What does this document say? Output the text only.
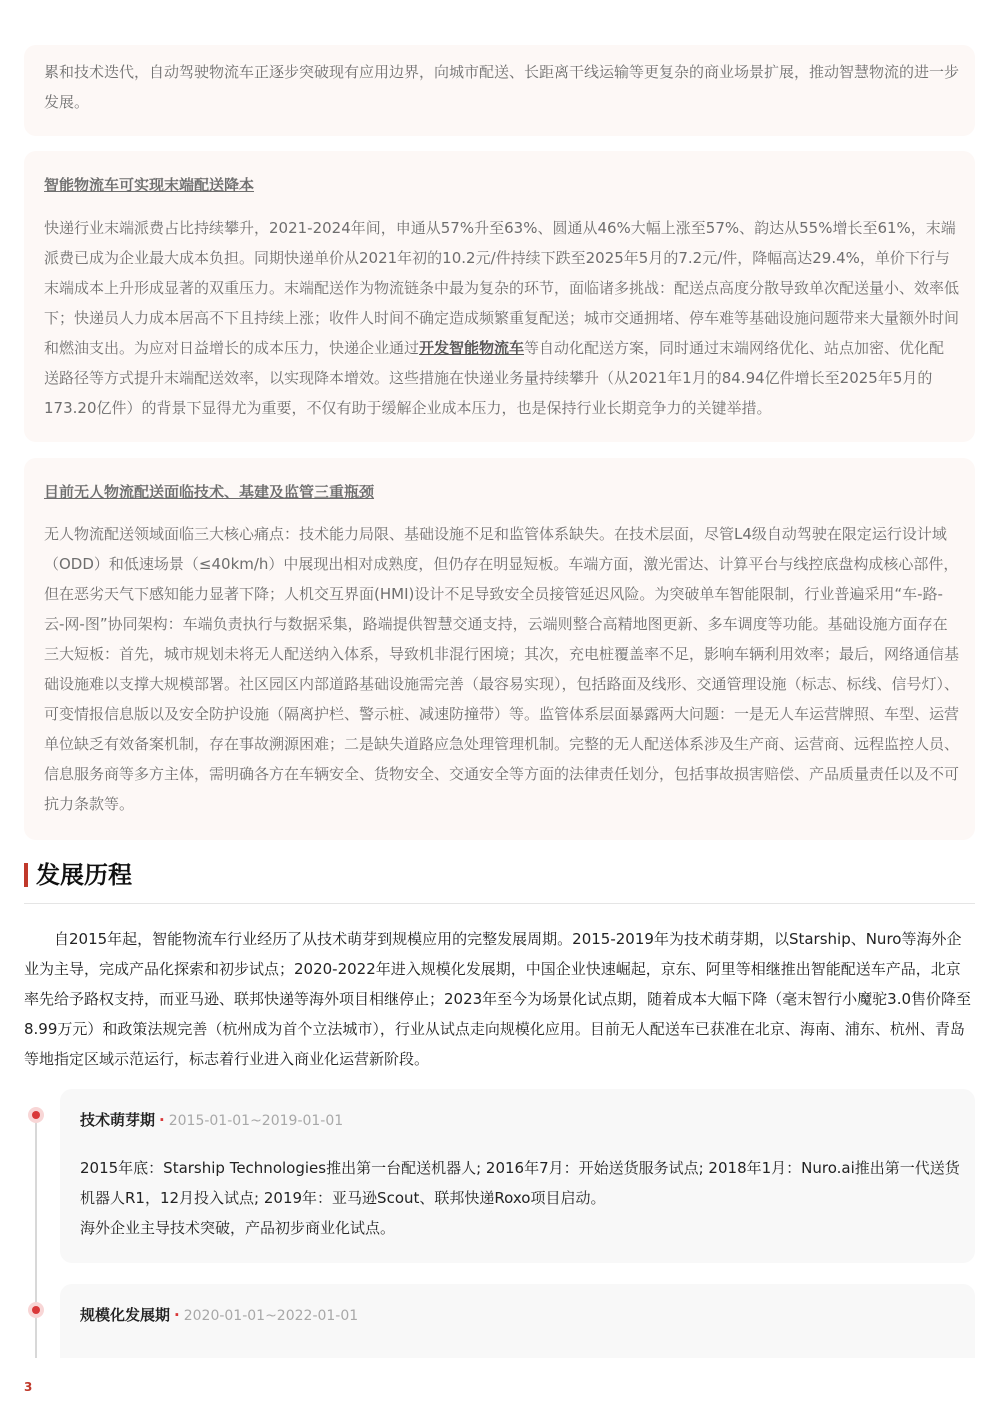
累和技术迭代，自动驾驶物流车正逐步突破现有应用边界，向城市配送、长距离干线运输等更复杂的商业场景扩展，推动智慧物流的进一步发展。

智能物流车可实现末端配送降本

快递行业末端派费占比持续攀升，2021-2024年间，申通从57%升至63%、圆通从46%大幅上涨至57%、韵达从55%增长至61%，末端派费已成为企业最大成本负担。同期快递单价从2021年初的10.2元/件持续下跌至2025年5月的7.2元/件，降幅高达29.4%，单价下行与末端成本上升形成显著的双重压力。末端配送作为物流链条中最为复杂的环节，面临诸多挑战：配送点高度分散导致单次配送量小、效率低下；快递员人力成本居高不下且持续上涨；收件人时间不确定造成频繁重复配送；城市交通拥堵、停车难等基础设施问题带来大量额外时间和燃油支出。为应对日益增长的成本压力，快递企业通过开发智能物流车等自动化配送方案，同时通过末端网络优化、站点加密、优化配送路径等方式提升末端配送效率，以实现降本增效。这些措施在快递业务量持续攀升（从2021年1月的84.94亿件增长至2025年5月的173.20亿件）的背景下显得尤为重要，不仅有助于缓解企业成本压力，也是保持行业长期竞争力的关键举措。

目前无人物流配送面临技术、基建及监管三重瓶颈

无人物流配送领域面临三大核心痛点：技术能力局限、基础设施不足和监管体系缺失。在技术层面，尽管L4级自动驾驶在限定运行设计域（ODD）和低速场景（≤40km/h）中展现出相对成熟度，但仍存在明显短板。车端方面，激光雷达、计算平台与线控底盘构成核心部件，但在恶劣天气下感知能力显著下降；人机交互界面(HMI)设计不足导致安全员接管延迟风险。为突破单车智能限制，行业普遍采用“车-路-云-网-图”协同架构：车端负责执行与数据采集，路端提供智慧交通支持，云端则整合高精地图更新、多车调度等功能。基础设施方面存在三大短板：首先，城市规划未将无人配送纳入体系，导致机非混行困境；其次，充电桩覆盖率不足，影响车辆利用效率；最后，网络通信基础设施难以支撑大规模部署。社区园区内部道路基础设施需完善（最容易实现），包括路面及线形、交通管理设施（标志、标线、信号灯）、可变情报信息版以及安全防护设施（隔离护栏、警示桩、减速防撞带）等。监管体系层面暴露两大问题：一是无人车运营牌照、车型、运营单位缺乏有效备案机制，存在事故溯源困难；二是缺失道路应急处理管理机制。完整的无人配送体系涉及生产商、运营商、远程监控人员、信息服务商等多方主体，需明确各方在车辆安全、货物安全、交通安全等方面的法律责任划分，包括事故损害赔偿、产品质量责任以及不可抗力条款等。

发展历程
自2015年起，智能物流车行业经历了从技术萌芽到规模应用的完整发展周期。2015-2019年为技术萌芽期，以Starship、Nuro等海外企业为主导，完成产品化探索和初步试点；2020-2022年进入规模化发展期，中国企业快速崛起，京东、阿里等相继推出智能配送车产品，北京率先给予路权支持，而亚马逊、联邦快递等海外项目相继停止；2023年至今为场景化试点期，随着成本大幅下降（毫末智行小魔驼3.0售价降至8.99万元）和政策法规完善（杭州成为首个立法城市），行业从试点走向规模化应用。目前无人配送车已获准在北京、海南、浦东、杭州、青岛等地指定区域示范运行，标志着行业进入商业化运营新阶段。
技术萌芽期 · 2015-01-01~2019-01-01
2015年底：Starship Technologies推出第一台配送机器人; 2016年7月：开始送货服务试点; 2018年1月：Nuro.ai推出第一代送货机器人R1，12月投入试点; 2019年：亚马逊Scout、联邦快递Roxo项目启动。
海外企业主导技术突破，产品初步商业化试点。
规模化发展期 · 2020-01-01~2022-01-01
3
